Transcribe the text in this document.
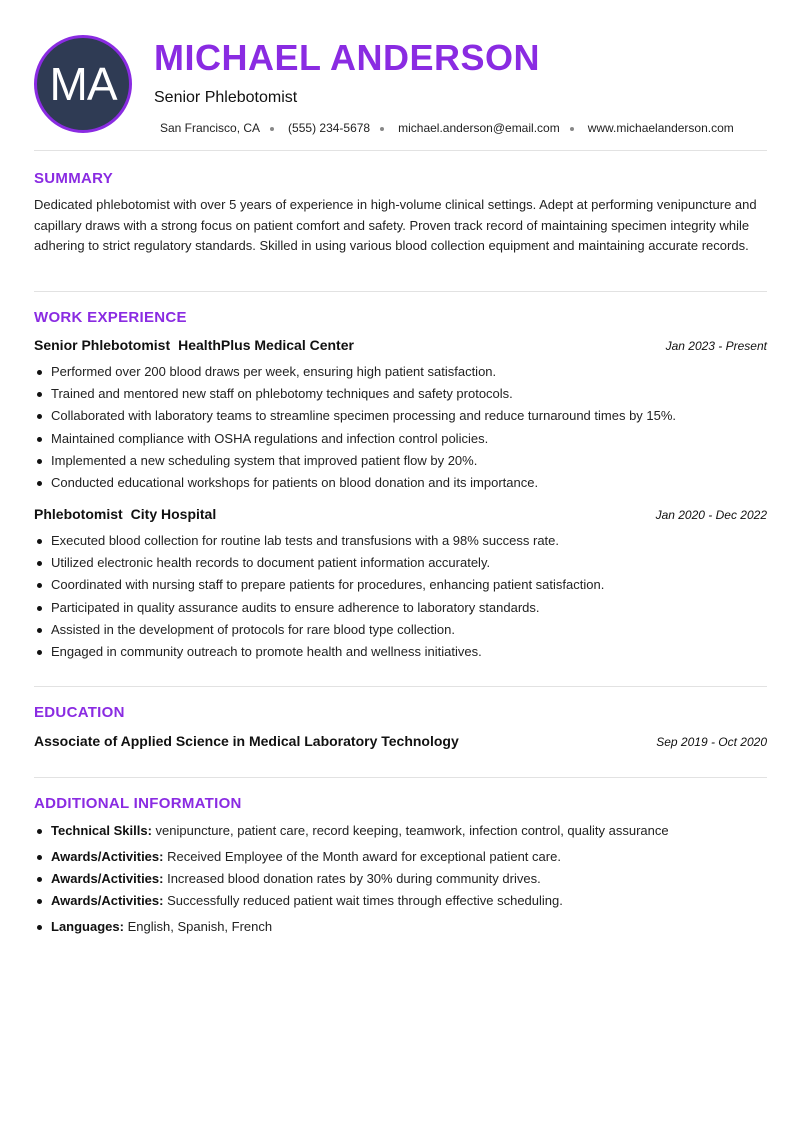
MA
MICHAEL ANDERSON
Senior Phlebotomist
San Francisco, CA (555) 234-5678 michael.anderson@email.com www.michaelanderson.com
SUMMARY

Dedicated phlebotomist with over 5 years of experience in high-volume clinical settings. Adept at performing venipuncture and capillary draws with a strong focus on patient comfort and safety. Proven track record of maintaining specimen integrity while adhering to strict regulatory standards. Skilled in using various blood collection equipment and maintaining accurate records.

WORK EXPERIENCE
Senior Phlebotomist HealthPlus Medical Center	Jan 2023 - Present
Performed over 200 blood draws per week, ensuring high patient satisfaction.
Trained and mentored new staff on phlebotomy techniques and safety protocols.
Collaborated with laboratory teams to streamline specimen processing and reduce turnaround times by 15%.
Maintained compliance with OSHA regulations and infection control policies.
Implemented a new scheduling system that improved patient flow by 20%.
Conducted educational workshops for patients on blood donation and its importance.
Phlebotomist City Hospital	Jan 2020 - Dec 2022
Executed blood collection for routine lab tests and transfusions with a 98% success rate.
Utilized electronic health records to document patient information accurately.
Coordinated with nursing staff to prepare patients for procedures, enhancing patient satisfaction.
Participated in quality assurance audits to ensure adherence to laboratory standards.
Assisted in the development of protocols for rare blood type collection.
Engaged in community outreach to promote health and wellness initiatives.
EDUCATION
Associate of Applied Science in Medical Laboratory Technology	Sep 2019 - Oct 2020
ADDITIONAL INFORMATION
Technical Skills: venipuncture, patient care, record keeping, teamwork, infection control, quality assurance
Awards/Activities: Received Employee of the Month award for exceptional patient care.
Awards/Activities: Increased blood donation rates by 30% during community drives.
Awards/Activities: Successfully reduced patient wait times through effective scheduling.
Languages: English, Spanish, French
